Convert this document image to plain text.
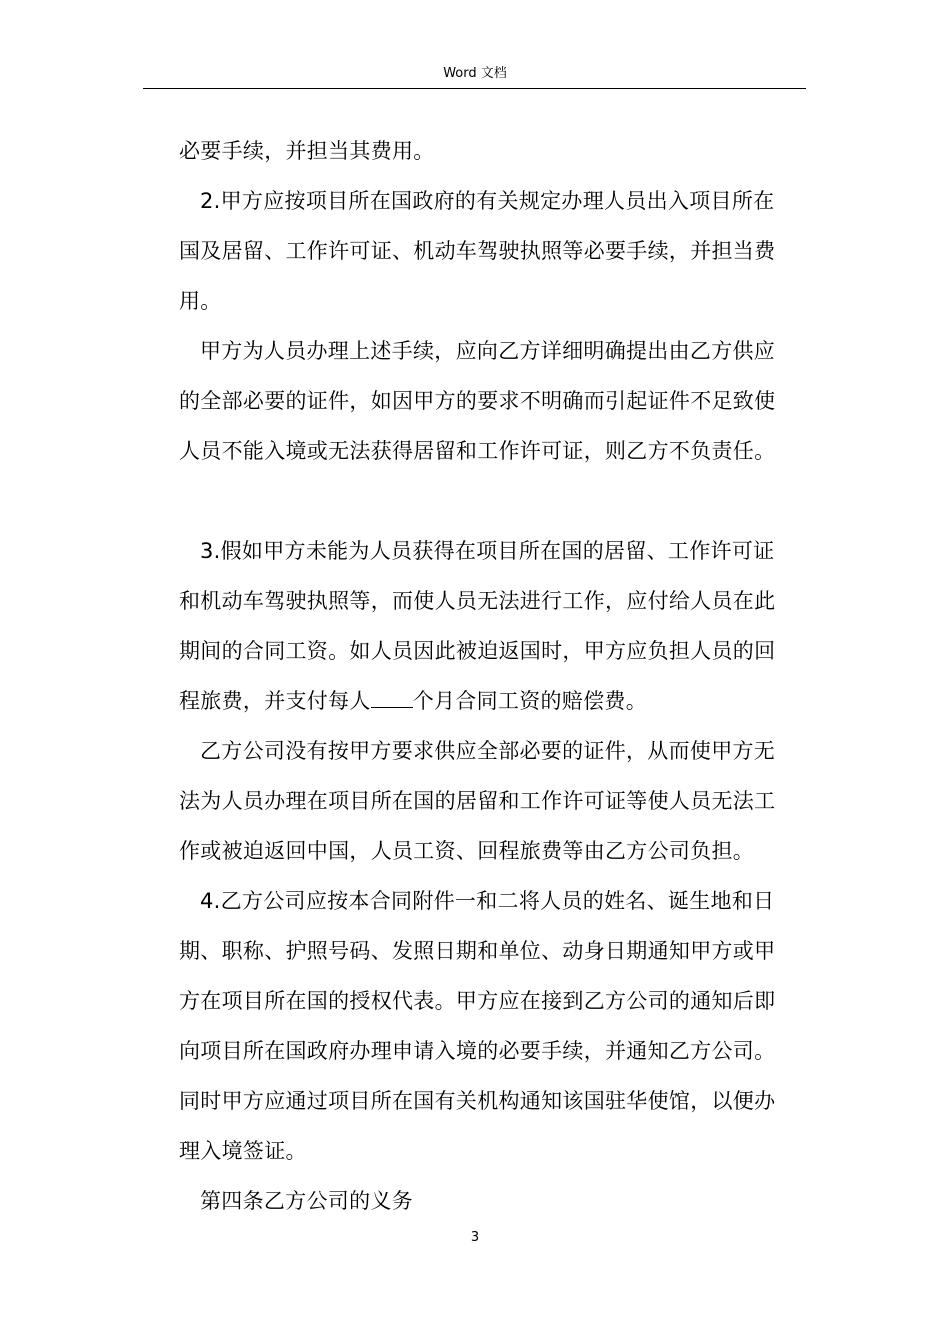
Word 文档

必要手续，并担当其费用。

2.甲方应按项目所在国政府的有关规定办理人员出入项目所在

国及居留、工作许可证、机动车驾驶执照等必要手续，并担当费

用。

甲方为人员办理上述手续，应向乙方详细明确提出由乙方供应

的全部必要的证件，如因甲方的要求不明确而引起证件不足致使

人员不能入境或无法获得居留和工作许可证，则乙方不负责任。

3.假如甲方未能为人员获得在项目所在国的居留、工作许可证

和机动车驾驶执照等，而使人员无法进行工作，应付给人员在此

期间的合同工资。如人员因此被迫返国时，甲方应负担人员的回

程旅费，并支付每人 个月合同工资的赔偿费。

乙方公司没有按甲方要求供应全部必要的证件，从而使甲方无

法为人员办理在项目所在国的居留和工作许可证等使人员无法工

作或被迫返回中国，人员工资、回程旅费等由乙方公司负担。

4.乙方公司应按本合同附件一和二将人员的姓名、诞生地和日

期、职称、护照号码、发照日期和单位、动身日期通知甲方或甲

方在项目所在国的授权代表。甲方应在接到乙方公司的通知后即

向项目所在国政府办理申请入境的必要手续，并通知乙方公司。

同时甲方应通过项目所在国有关机构通知该国驻华使馆，以便办

理入境签证。

第四条乙方公司的义务

3
